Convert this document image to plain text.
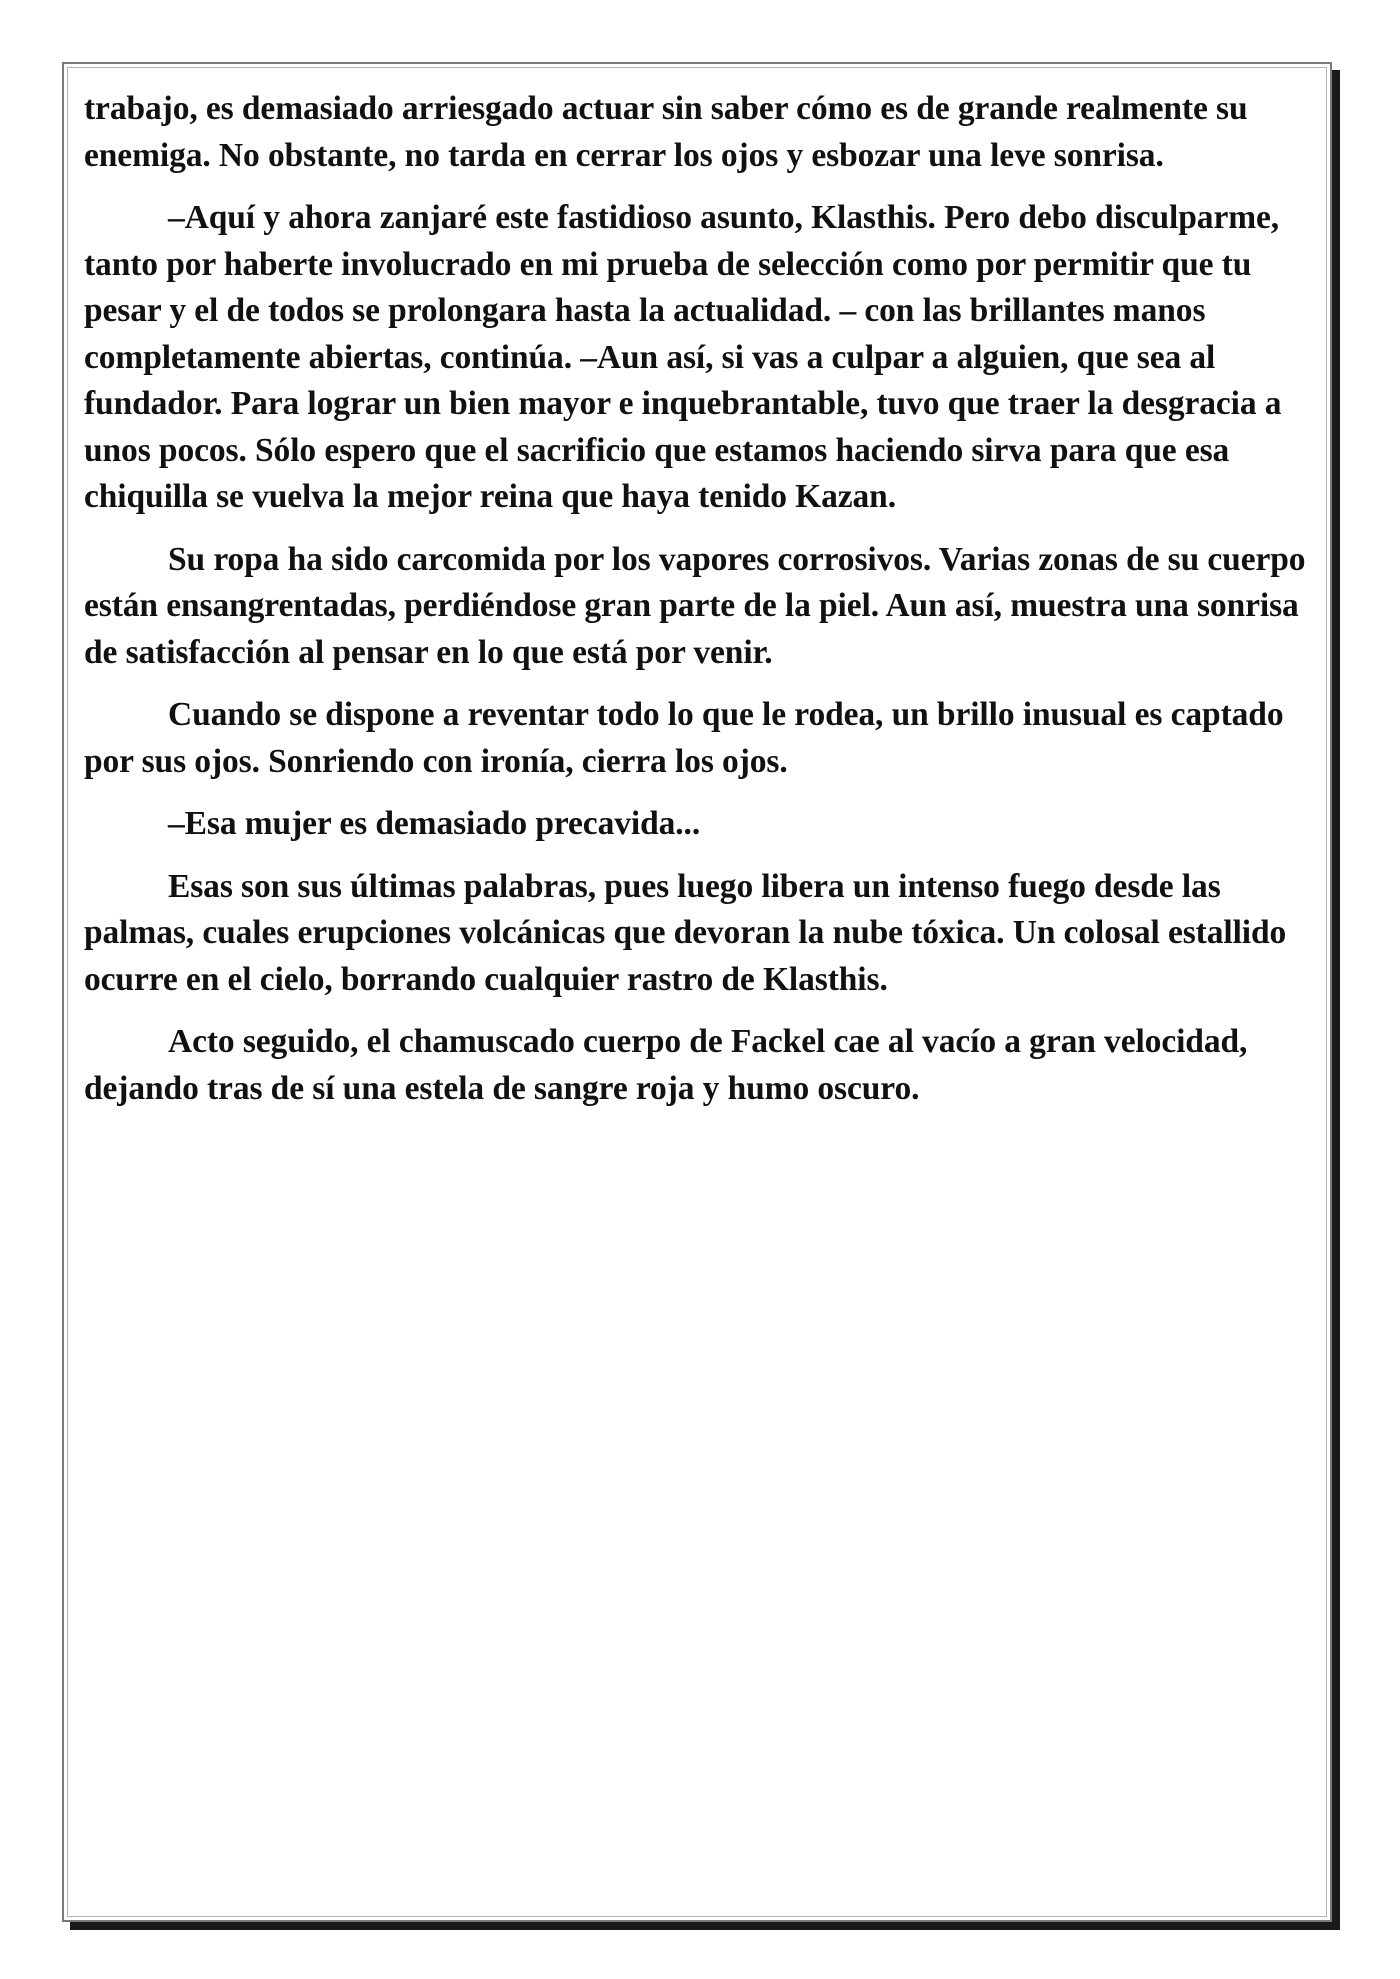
trabajo, es demasiado arriesgado actuar sin saber cómo es de grande realmente su enemiga. No obstante, no tarda en cerrar los ojos y esbozar una leve sonrisa.

–Aquí y ahora zanjaré este fastidioso asunto, Klasthis. Pero debo disculparme, tanto por haberte involucrado en mi prueba de selección como por permitir que tu pesar y el de todos se prolongara hasta la actualidad. – con las brillantes manos completamente abiertas, continúa. –Aun así, si vas a culpar a alguien, que sea al fundador. Para lograr un bien mayor e inquebrantable, tuvo que traer la desgracia a unos pocos. Sólo espero que el sacrificio que estamos haciendo sirva para que esa chiquilla se vuelva la mejor reina que haya tenido Kazan.

Su ropa ha sido carcomida por los vapores corrosivos. Varias zonas de su cuerpo están ensangrentadas, perdiéndose gran parte de la piel. Aun así, muestra una sonrisa de satisfacción al pensar en lo que está por venir.

Cuando se dispone a reventar todo lo que le rodea, un brillo inusual es captado por sus ojos. Sonriendo con ironía, cierra los ojos.

–Esa mujer es demasiado precavida...

Esas son sus últimas palabras, pues luego libera un intenso fuego desde las palmas, cuales erupciones volcánicas que devoran la nube tóxica. Un colosal estallido ocurre en el cielo, borrando cualquier rastro de Klasthis.

Acto seguido, el chamuscado cuerpo de Fackel cae al vacío a gran velocidad, dejando tras de sí una estela de sangre roja y humo oscuro.
